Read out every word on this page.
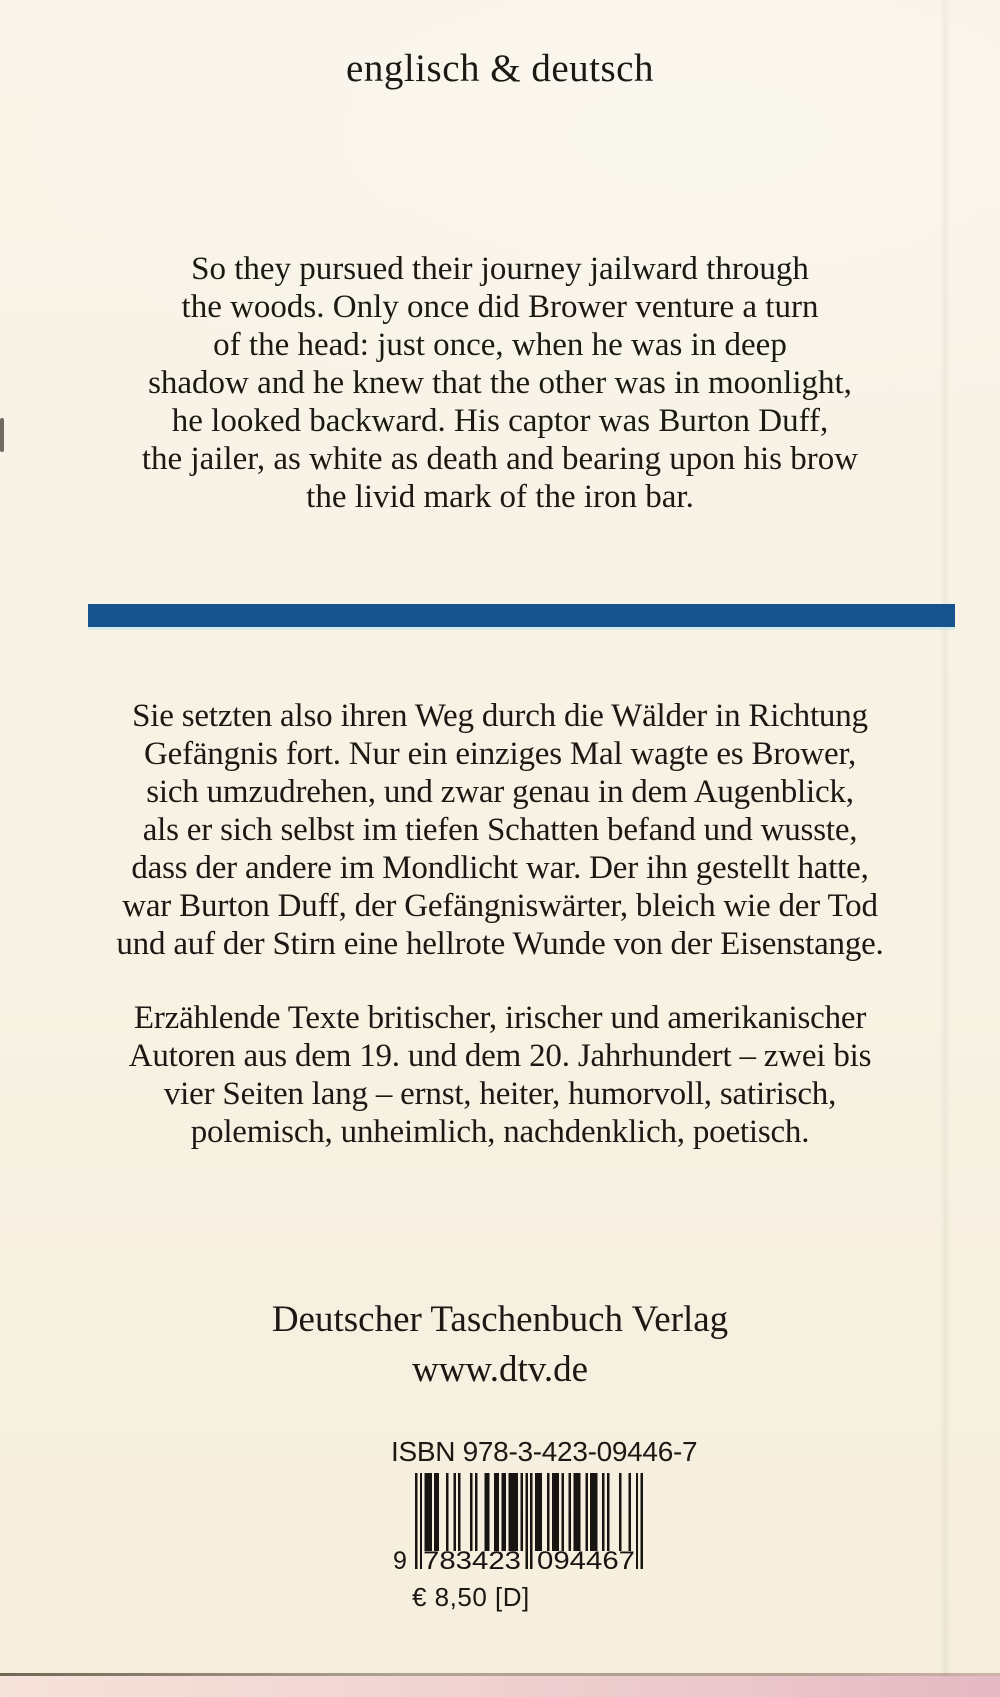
englisch & deutsch
So they pursued their journey jailward through
the woods. Only once did Brower venture a turn
of the head: just once, when he was in deep
shadow and he knew that the other was in moonlight,
he looked backward. His captor was Burton Duff,
the jailer, as white as death and bearing upon his brow
the livid mark of the iron bar.
Sie setzten also ihren Weg durch die Wälder in Richtung
Gefängnis fort. Nur ein einziges Mal wagte es Brower,
sich umzudrehen, und zwar genau in dem Augenblick,
als er sich selbst im tiefen Schatten befand und wusste,
dass der andere im Mondlicht war. Der ihn gestellt hatte,
war Burton Duff, der Gefängniswärter, bleich wie der Tod
und auf der Stirn eine hellrote Wunde von der Eisenstange.
Erzählende Texte britischer, irischer und amerikanischer
Autoren aus dem 19. und dem 20. Jahrhundert – zwei bis
vier Seiten lang – ernst, heiter, humorvoll, satirisch,
polemisch, unheimlich, nachdenklich, poetisch.
Deutscher Taschenbuch Verlag
www.dtv.de
ISBN 978-3-423-09446-7
9 783423 094467
€ 8,50 [D]
